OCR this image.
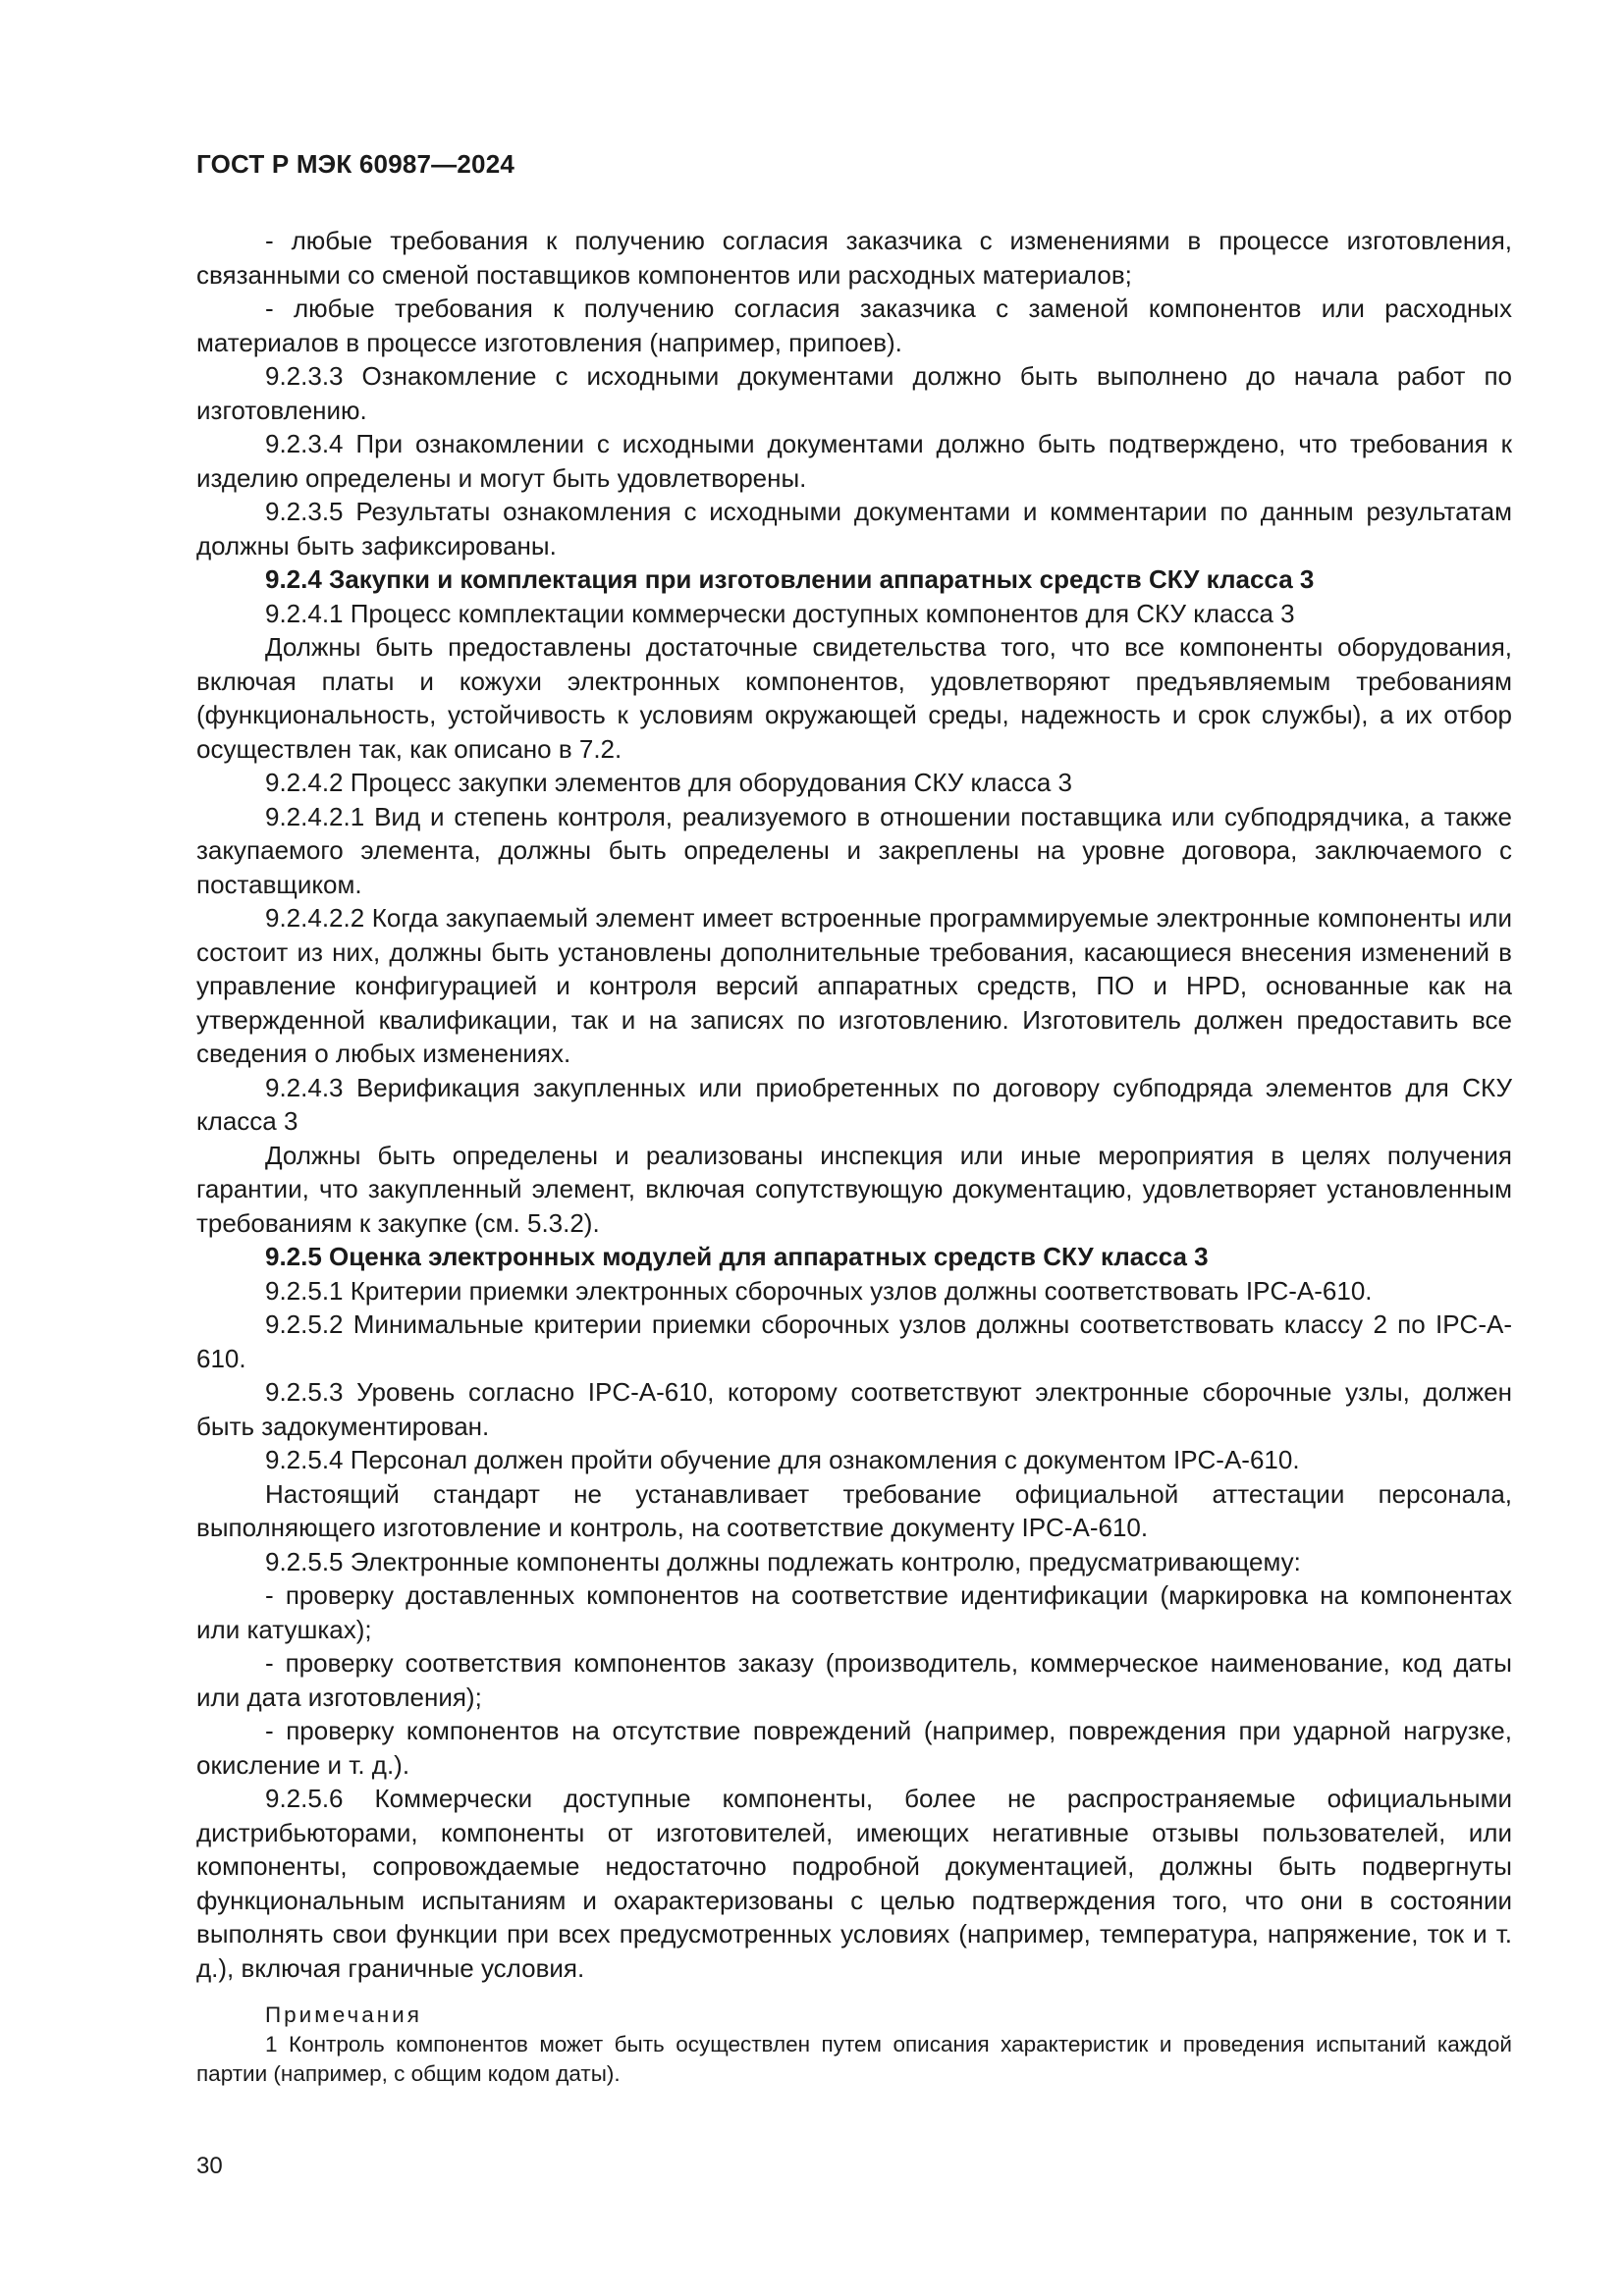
ГОСТ Р МЭК 60987—2024

- любые требования к получению согласия заказчика с изменениями в процессе изготовления, связанными со сменой поставщиков компонентов или расходных материалов;

- любые требования к получению согласия заказчика с заменой компонентов или расходных материалов в процессе изготовления (например, припоев).

9.2.3.3 Ознакомление с исходными документами должно быть выполнено до начала работ по изготовлению.

9.2.3.4 При ознакомлении с исходными документами должно быть подтверждено, что требования к изделию определены и могут быть удовлетворены.

9.2.3.5 Результаты ознакомления с исходными документами и комментарии по данным результатам должны быть зафиксированы.

9.2.4 Закупки и комплектация при изготовлении аппаратных средств СКУ класса 3

9.2.4.1 Процесс комплектации коммерчески доступных компонентов для СКУ класса 3

Должны быть предоставлены достаточные свидетельства того, что все компоненты оборудования, включая платы и кожухи электронных компонентов, удовлетворяют предъявляемым требованиям (функциональность, устойчивость к условиям окружающей среды, надежность и срок службы), а их отбор осуществлен так, как описано в 7.2.

9.2.4.2 Процесс закупки элементов для оборудования СКУ класса 3

9.2.4.2.1 Вид и степень контроля, реализуемого в отношении поставщика или субподрядчика, а также закупаемого элемента, должны быть определены и закреплены на уровне договора, заключаемого с поставщиком.

9.2.4.2.2 Когда закупаемый элемент имеет встроенные программируемые электронные компоненты или состоит из них, должны быть установлены дополнительные требования, касающиеся внесения изменений в управление конфигурацией и контроля версий аппаратных средств, ПО и HPD, основанные как на утвержденной квалификации, так и на записях по изготовлению. Изготовитель должен предоставить все сведения о любых изменениях.

9.2.4.3 Верификация закупленных или приобретенных по договору субподряда элементов для СКУ класса 3

Должны быть определены и реализованы инспекция или иные мероприятия в целях получения гарантии, что закупленный элемент, включая сопутствующую документацию, удовлетворяет установленным требованиям к закупке (см. 5.3.2).

9.2.5 Оценка электронных модулей для аппаратных средств СКУ класса 3

9.2.5.1 Критерии приемки электронных сборочных узлов должны соответствовать IPC-A-610.

9.2.5.2 Минимальные критерии приемки сборочных узлов должны соответствовать классу 2 по IPC-A-610.

9.2.5.3 Уровень согласно IPC-A-610, которому соответствуют электронные сборочные узлы, должен быть задокументирован.

9.2.5.4 Персонал должен пройти обучение для ознакомления с документом IPC-A-610.

Настоящий стандарт не устанавливает требование официальной аттестации персонала, выполняющего изготовление и контроль, на соответствие документу IPC-A-610.

9.2.5.5 Электронные компоненты должны подлежать контролю, предусматривающему:

- проверку доставленных компонентов на соответствие идентификации (маркировка на компонентах или катушках);

- проверку соответствия компонентов заказу (производитель, коммерческое наименование, код даты или дата изготовления);

- проверку компонентов на отсутствие повреждений (например, повреждения при ударной нагрузке, окисление и т. д.).

9.2.5.6 Коммерчески доступные компоненты, более не распространяемые официальными дистрибьюторами, компоненты от изготовителей, имеющих негативные отзывы пользователей, или компоненты, сопровождаемые недостаточно подробной документацией, должны быть подвергнуты функциональным испытаниям и охарактеризованы с целью подтверждения того, что они в состоянии выполнять свои функции при всех предусмотренных условиях (например, температура, напряжение, ток и т. д.), включая граничные условия.

Примечания

1 Контроль компонентов может быть осуществлен путем описания характеристик и проведения испытаний каждой партии (например, с общим кодом даты).

30
